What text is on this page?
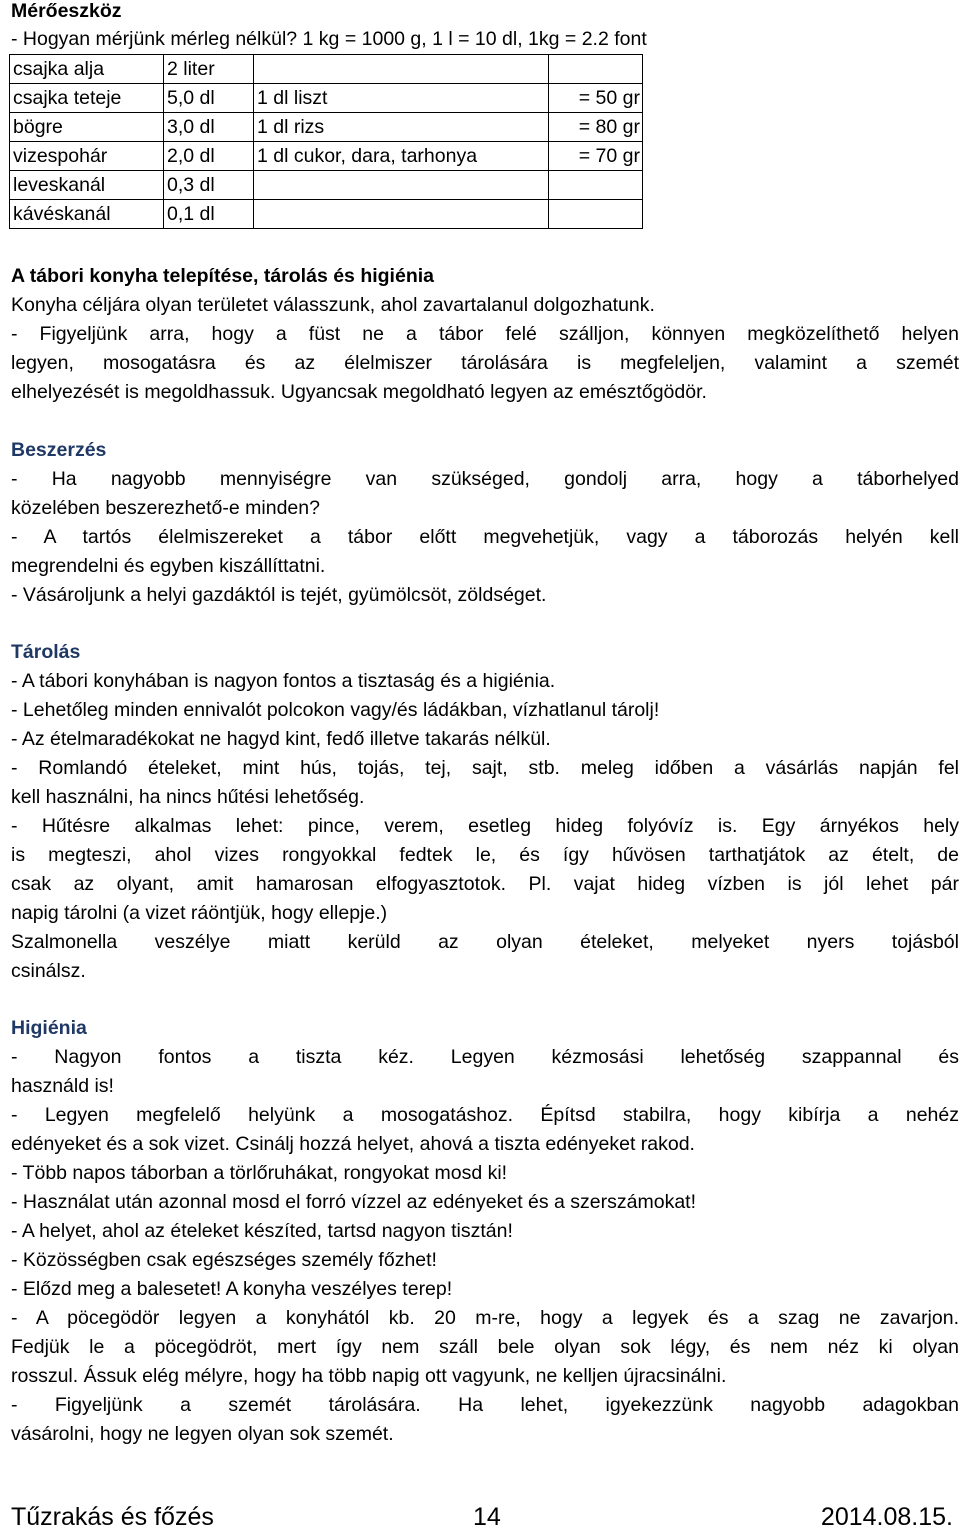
Mérőeszköz
- Hogyan mérjünk mérleg nélkül? 1 kg = 1000 g, 1 l = 10 dl, 1kg = 2.2 font
csajka alja	2 liter		
csajka teteje	5,0 dl	1 dl liszt	= 50 gr
bögre	3,0 dl	1 dl rizs	= 80 gr
vizespohár	2,0 dl	1 dl cukor, dara, tarhonya	= 70 gr
leveskanál	0,3 dl		
kávéskanál	0,1 dl		
A tábori konyha telepítése, tárolás és higiénia
Konyha céljára olyan területet válasszunk, ahol zavartalanul dolgozhatunk.
- Figyeljünk arra, hogy a füst ne a tábor felé szálljon, könnyen megközelíthető helyen
legyen, mosogatásra és az élelmiszer tárolására is megfeleljen, valamint a szemét
elhelyezését is megoldhassuk. Ugyancsak megoldható legyen az emésztőgödör.
Beszerzés
- Ha nagyobb mennyiségre van szükséged, gondolj arra, hogy a táborhelyed
közelében beszerezhető-e minden?
- A tartós élelmiszereket a tábor előtt megvehetjük, vagy a táborozás helyén kell
megrendelni és egyben kiszállíttatni.
- Vásároljunk a helyi gazdáktól is tejét, gyümölcsöt, zöldséget.
Tárolás
- A tábori konyhában is nagyon fontos a tisztaság és a higiénia.
- Lehetőleg minden ennivalót polcokon vagy/és ládákban, vízhatlanul tárolj!
- Az ételmaradékokat ne hagyd kint, fedő illetve takarás nélkül.
- Romlandó ételeket, mint hús, tojás, tej, sajt, stb. meleg időben a vásárlás napján fel
kell használni, ha nincs hűtési lehetőség.
- Hűtésre alkalmas lehet: pince, verem, esetleg hideg folyóvíz is. Egy árnyékos hely
is megteszi, ahol vizes rongyokkal fedtek le, és így hűvösen tarthatjátok az ételt, de
csak az olyant, amit hamarosan elfogyasztotok. Pl. vajat hideg vízben is jól lehet pár
napig tárolni (a vizet ráöntjük, hogy ellepje.)
Szalmonella veszélye miatt kerüld az olyan ételeket, melyeket nyers tojásból
csinálsz.
Higiénia
- Nagyon fontos a tiszta kéz. Legyen kézmosási lehetőség szappannal és
használd is!
- Legyen megfelelő helyünk a mosogatáshoz. Építsd stabilra, hogy kibírja a nehéz
edényeket és a sok vizet. Csinálj hozzá helyet, ahová a tiszta edényeket rakod.
- Több napos táborban a törlőruhákat, rongyokat mosd ki!
- Használat után azonnal mosd el forró vízzel az edényeket és a szerszámokat!
- A helyet, ahol az ételeket készíted, tartsd nagyon tisztán!
- Közösségben csak egészséges személy főzhet!
- Előzd meg a balesetet! A konyha veszélyes terep!
- A pöcegödör legyen a konyhától kb. 20 m-re, hogy a legyek és a szag ne zavarjon.
Fedjük le a pöcegödröt, mert így nem száll bele olyan sok légy, és nem néz ki olyan
rosszul. Ássuk elég mélyre, hogy ha több napig ott vagyunk, ne kelljen újracsinálni.
- Figyeljünk a szemét tárolására. Ha lehet, igyekezzünk nagyobb adagokban
vásárolni, hogy ne legyen olyan sok szemét.
Tűzrakás és főzés	14	2014.08.15.
